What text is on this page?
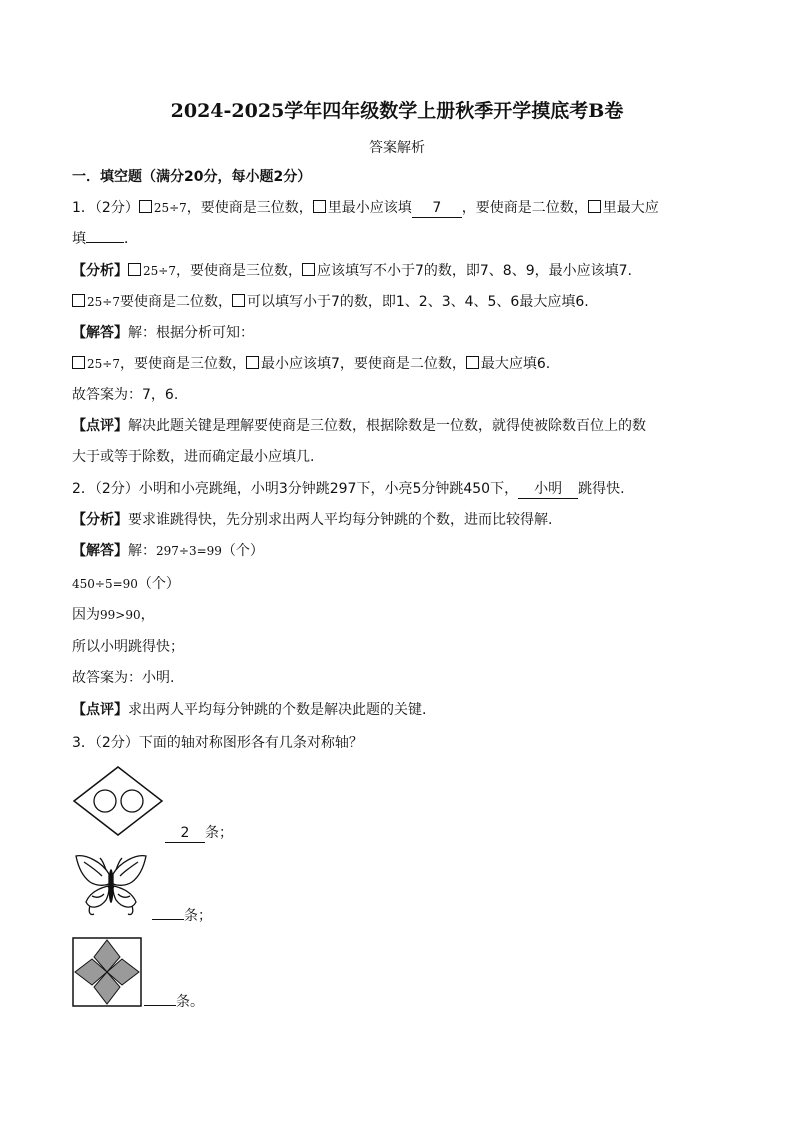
2024-2025学年四年级数学上册秋季开学摸底考B卷
答案解析
一．填空题（满分20分，每小题2分）
1．（2分） 25÷7，要使商是三位数， 里最小应该填 7 ，要使商是二位数， 里最大应
填	．
【分析】 25÷7，要使商是三位数， 应该填写不小于7的数，即7、8、9，最小应该填7.
25÷7要使商是二位数， 可以填写小于7的数，即1、2、3、4、5、6最大应填6.
【解答】解：根据分析可知：
25÷7，要使商是三位数， 最小应该填7，要使商是二位数， 最大应填6.
故答案为：7，6.
【点评】解决此题关键是理解要使商是三位数，根据除数是一位数，就得使被除数百位上的数
大于或等于除数，进而确定最小应填几.
2．（2分）小明和小亮跳绳，小明3分钟跳297下，小亮5分钟跳450下， 小明 跳得快.
【分析】要求谁跳得快，先分别求出两人平均每分钟跳的个数，进而比较得解.
【解答】解：297÷3=99（个）
450÷5=90（个）
因为99>90，
所以小明跳得快；
故答案为：小明.
【点评】求出两人平均每分钟跳的个数是解决此题的关键.
3．（2分）下面的轴对称图形各有几条对称轴？
2 条；
条；
条。
